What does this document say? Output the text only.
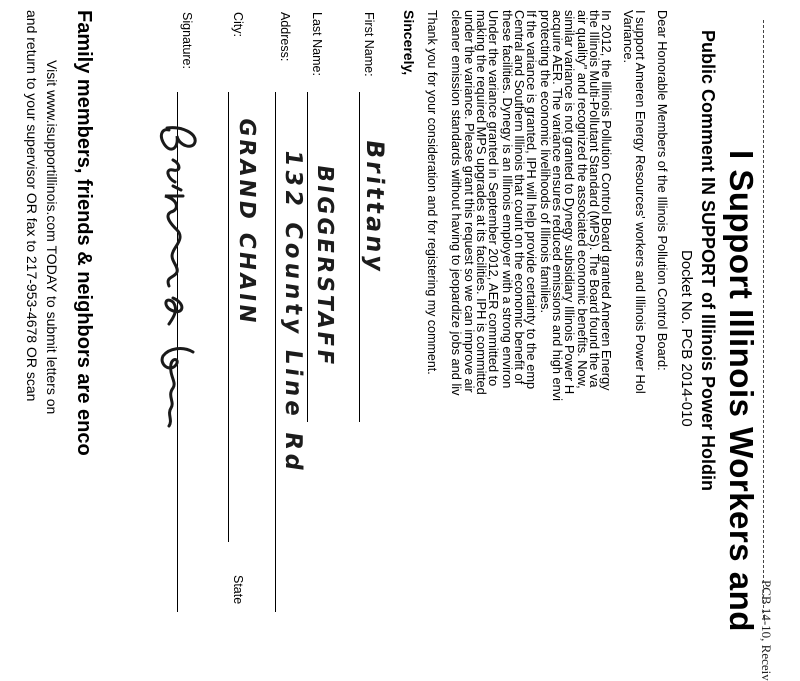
PCB 14-10, Receiv
I Support Illinois Workers and
Public Comment IN SUPPORT of Illinois Power Holdin
Docket No. PCB 2014-010
Dear Honorable Members of the Illinois Pollution Control Board:
I support Ameren Energy Resources' workers and Illinois Power Hol
Variance.
In 2012, the Illinois Pollution Control Board granted Ameren Energy
the Illinois Multi-Pollutant Standard (MPS). The Board found the va
air quality" and recognized the associated economic benefits. Now,
similar variance is not granted to Dynegy subsidiary Illinois Power H
acquire AER. The variance ensures reduced emissions and high envi
protecting the economic livelihoods of Illinois families.
If the variance is granted, IPH will help provide certainty to the emp
Central and Southern Illinois that count on the economic benefit of
these facilities. Dynegy is an Illinois employer with a strong environ
Under the variance granted in September 2012, AER committed to
making the required MPS upgrades at its facilities. IPH is committed
under the variance. Please grant this request so we can improve air
cleaner emission standards without having to jeopardize jobs and liv
Thank you for your consideration and for registering my comment.
Sincerely,
First Name:
Brittany
Last Name:
BIGGERSTAFF
Address:
132 County Line Rd
City:
GRAND CHAIN
State
Signature:
Family members, friends & neighbors are enco
Visit www.isupportillinois.com TODAY to submit letters on
and return to your supervisor OR fax to 217-953-4678 OR scan
